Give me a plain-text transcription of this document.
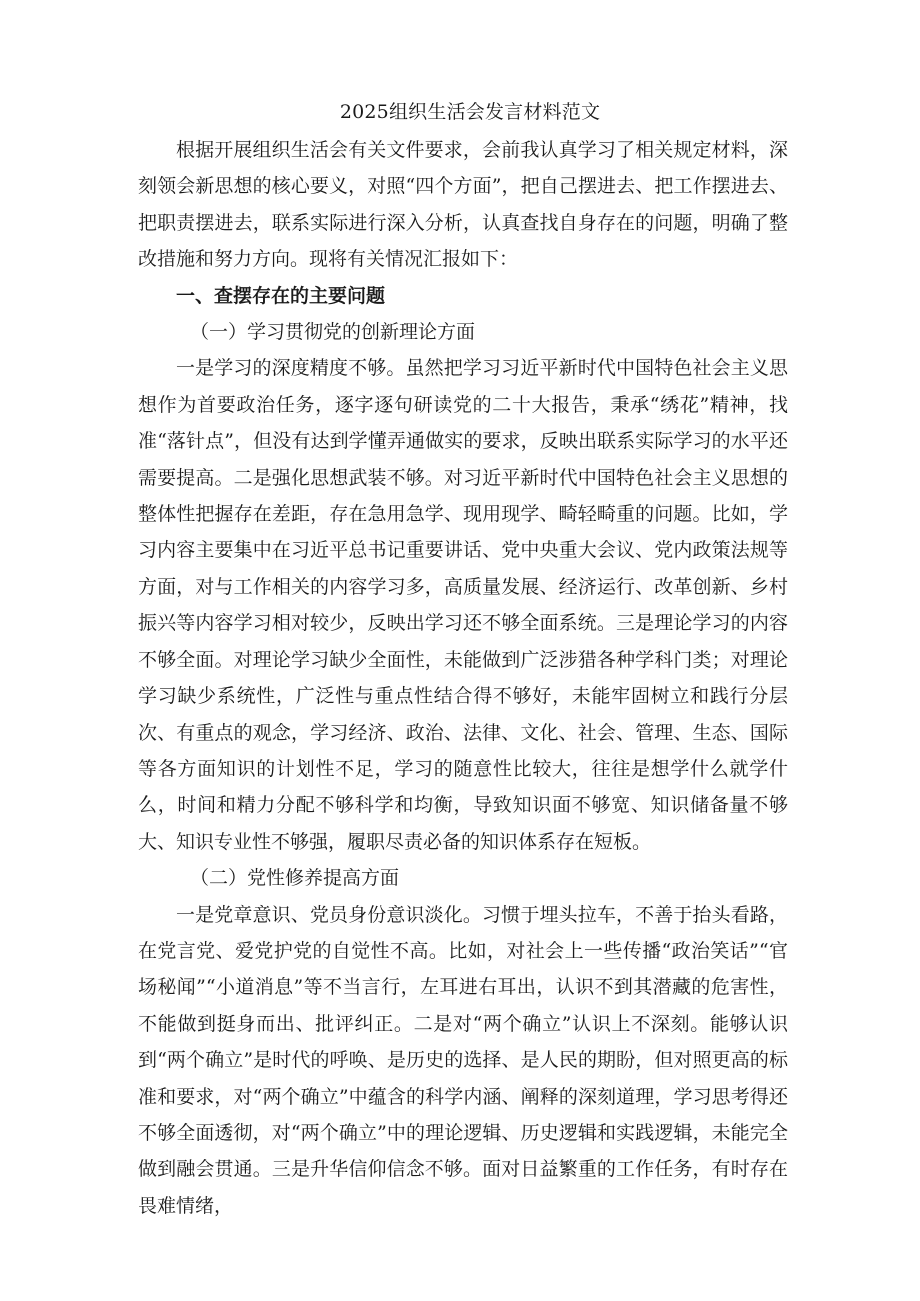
2025组织生活会发言材料范文

根据开展组织生活会有关文件要求，会前我认真学习了相关规定材料，深刻领会新思想的核心要义，对照“四个方面”，把自己摆进去、把工作摆进去、把职责摆进去，联系实际进行深入分析，认真查找自身存在的问题，明确了整改措施和努力方向。现将有关情况汇报如下：

一、查摆存在的主要问题

（一）学习贯彻党的创新理论方面

一是学习的深度精度不够。虽然把学习习近平新时代中国特色社会主义思想作为首要政治任务，逐字逐句研读党的二十大报告，秉承“绣花”精神，找准“落针点”，但没有达到学懂弄通做实的要求，反映出联系实际学习的水平还需要提高。二是强化思想武装不够。对习近平新时代中国特色社会主义思想的整体性把握存在差距，存在急用急学、现用现学、畸轻畸重的问题。比如，学习内容主要集中在习近平总书记重要讲话、党中央重大会议、党内政策法规等方面，对与工作相关的内容学习多，高质量发展、经济运行、改革创新、乡村振兴等内容学习相对较少，反映出学习还不够全面系统。三是理论学习的内容不够全面。对理论学习缺少全面性，未能做到广泛涉猎各种学科门类；对理论学习缺少系统性，广泛性与重点性结合得不够好，未能牢固树立和践行分层次、有重点的观念，学习经济、政治、法律、文化、社会、管理、生态、国际等各方面知识的计划性不足，学习的随意性比较大，往往是想学什么就学什么，时间和精力分配不够科学和均衡，导致知识面不够宽、知识储备量不够大、知识专业性不够强，履职尽责必备的知识体系存在短板。

（二）党性修养提高方面

一是党章意识、党员身份意识淡化。习惯于埋头拉车，不善于抬头看路，在党言党、爱党护党的自觉性不高。比如，对社会上一些传播“政治笑话”“官场秘闻”“小道消息”等不当言行，左耳进右耳出，认识不到其潜藏的危害性，不能做到挺身而出、批评纠正。二是对“两个确立”认识上不深刻。能够认识到“两个确立”是时代的呼唤、是历史的选择、是人民的期盼，但对照更高的标准和要求，对“两个确立”中蕴含的科学内涵、阐释的深刻道理，学习思考得还不够全面透彻，对“两个确立”中的理论逻辑、历史逻辑和实践逻辑，未能完全做到融会贯通。三是升华信仰信念不够。面对日益繁重的工作任务，有时存在畏难情绪，
